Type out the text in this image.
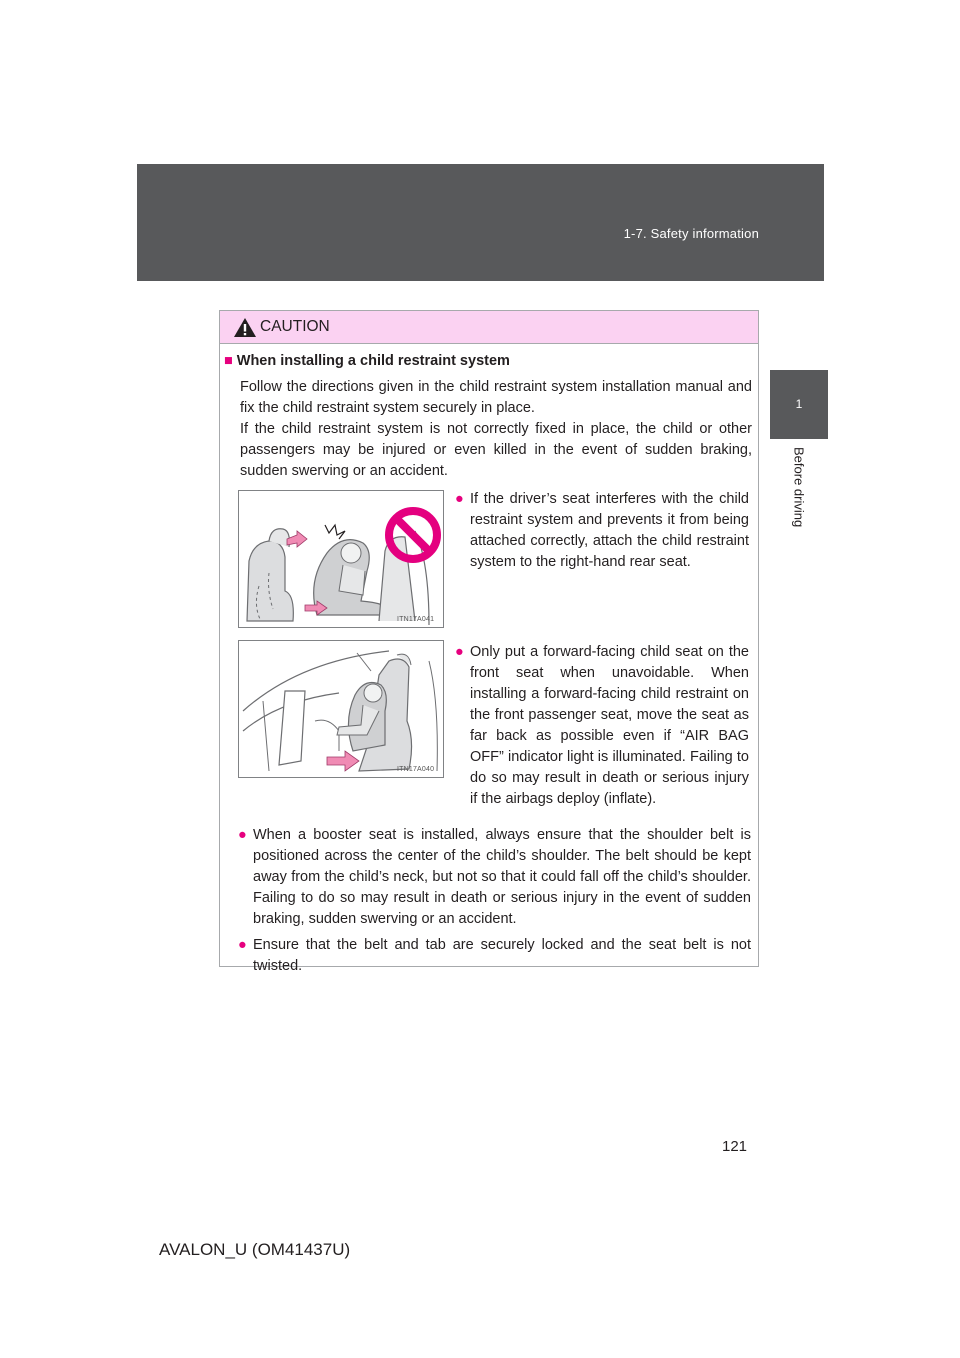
1-7. Safety information
1
Before driving
CAUTION
■ When installing a child restraint system
Follow the directions given in the child restraint system installation manual and fix the child restraint system securely in place.
If the child restraint system is not correctly fixed in place, the child or other passengers may be injured or even killed in the event of sudden braking, sudden swerving or an accident.
ITN17A041
ITN17A040
● If the driver’s seat interferes with the child restraint system and prevents it from being attached correctly, attach the child restraint system to the right-hand rear seat.
● Only put a forward-facing child seat on the front seat when unavoidable. When installing a forward-facing child restraint on the front passenger seat, move the seat as far back as possible even if “AIR BAG OFF” indicator light is illuminated. Failing to do so may result in death or serious injury if the airbags deploy (inflate).
● When a booster seat is installed, always ensure that the shoulder belt is positioned across the center of the child’s shoulder. The belt should be kept away from the child’s neck, but not so that it could fall off the child’s shoulder. Failing to do so may result in death or serious injury in the event of sudden braking, sudden swerving or an accident.
● Ensure that the belt and tab are securely locked and the seat belt is not twisted.
121
AVALON_U (OM41437U)
